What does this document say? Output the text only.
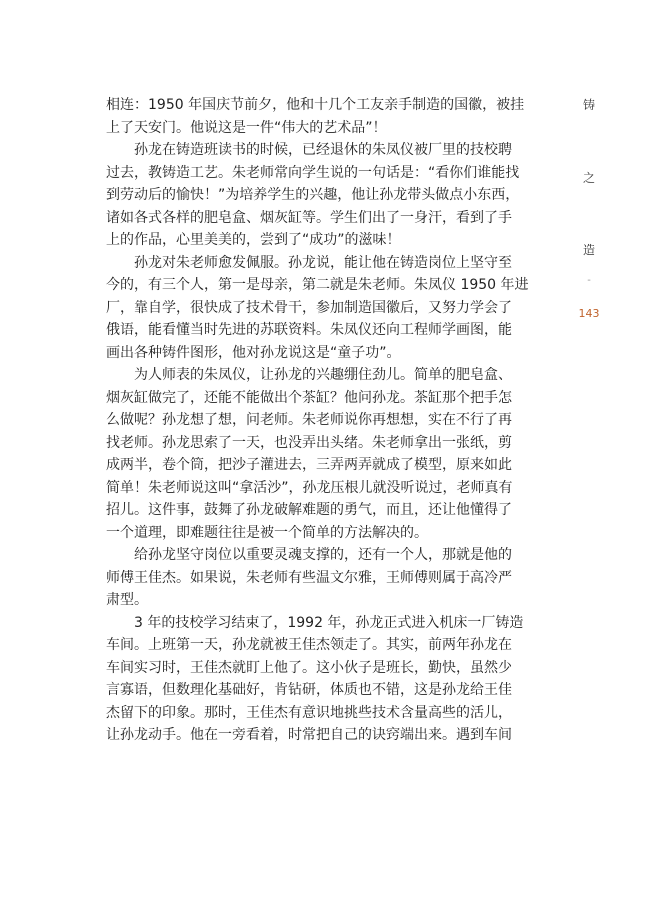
相连：1950 年国庆节前夕，他和十几个工友亲手制造的国徽，被挂
上了天安门。他说这是一件“伟大的艺术品”！
孙龙在铸造班读书的时候，已经退休的朱凤仪被厂里的技校聘
过去，教铸造工艺。朱老师常向学生说的一句话是：“看你们谁能找
到劳动后的愉快！”为培养学生的兴趣，他让孙龙带头做点小东西，
诸如各式各样的肥皂盒、烟灰缸等。学生们出了一身汗，看到了手
上的作品，心里美美的，尝到了“成功”的滋味！
孙龙对朱老师愈发佩服。孙龙说，能让他在铸造岗位上坚守至
今的，有三个人，第一是母亲，第二就是朱老师。朱凤仪 1950 年进
厂，靠自学，很快成了技术骨干，参加制造国徽后，又努力学会了
俄语，能看懂当时先进的苏联资料。朱凤仪还向工程师学画图，能
画出各种铸件图形，他对孙龙说这是“童子功”。
为人师表的朱凤仪，让孙龙的兴趣绷住劲儿。简单的肥皂盒、
烟灰缸做完了，还能不能做出个茶缸？他问孙龙。茶缸那个把手怎
么做呢？孙龙想了想，问老师。朱老师说你再想想，实在不行了再
找老师。孙龙思索了一天，也没弄出头绪。朱老师拿出一张纸，剪
成两半，卷个筒，把沙子灌进去，三弄两弄就成了模型，原来如此
简单！朱老师说这叫“拿活沙”，孙龙压根儿就没听说过，老师真有
招儿。这件事，鼓舞了孙龙破解难题的勇气，而且，还让他懂得了
一个道理，即难题往往是被一个简单的方法解决的。
给孙龙坚守岗位以重要灵魂支撑的，还有一个人，那就是他的
师傅王佳杰。如果说，朱老师有些温文尔雅，王师傅则属于高冷严
肃型。
3 年的技校学习结束了，1992 年，孙龙正式进入机床一厂铸造
车间。上班第一天，孙龙就被王佳杰领走了。其实，前两年孙龙在
车间实习时，王佳杰就盯上他了。这小伙子是班长，勤快，虽然少
言寡语，但数理化基础好，肯钻研，体质也不错，这是孙龙给王佳
杰留下的印象。那时，王佳杰有意识地挑些技术含量高些的活儿，
让孙龙动手。他在一旁看着，时常把自己的诀窍端出来。遇到车间
铸
之
造
-
143
